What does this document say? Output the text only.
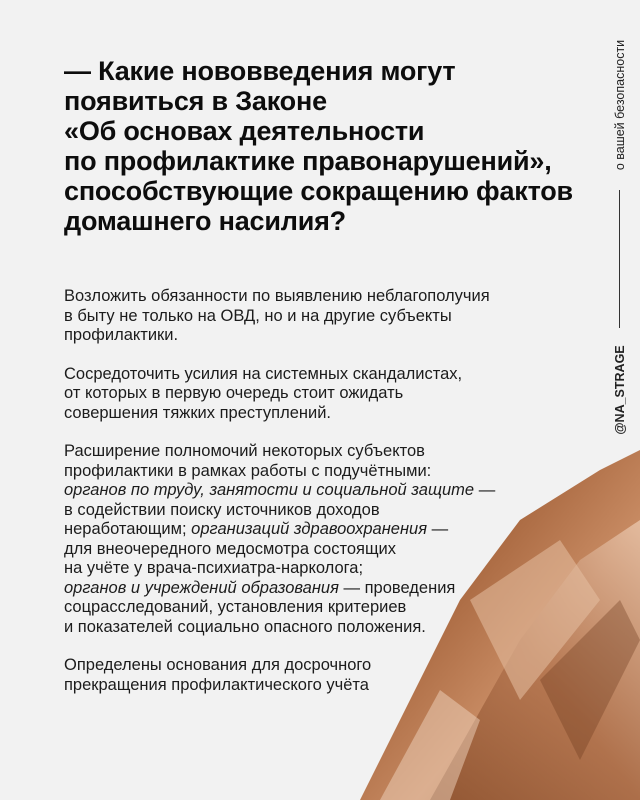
— Какие нововведения могут
появиться в Законе
«Об основах деятельности
по профилактике правонарушений»,
способствующие сокращению фактов
домашнего насилия?

Возложить обязанности по выявлению неблагополучия
в быту не только на ОВД, но и на другие субъекты
профилактики.

Сосредоточить усилия на системных скандалистах,
от которых в первую очередь стоит ожидать
совершения тяжких преступлений.

Расширение полномочий некоторых субъектов
профилактики в рамках работы с подучётными:
органов по труду, занятости и социальной защите —
в содействии поиску источников доходов
неработающим; организаций здравоохранения —
для внеочередного медосмотра состоящих
на учёте у врача-психиатра-нарколога;
органов и учреждений образования — проведения
соцрасследований, установления критериев
и показателей социально опасного положения.

Определены основания для досрочного
прекращения профилактического учёта

о вашей безопасности
@NA_STRAGE
